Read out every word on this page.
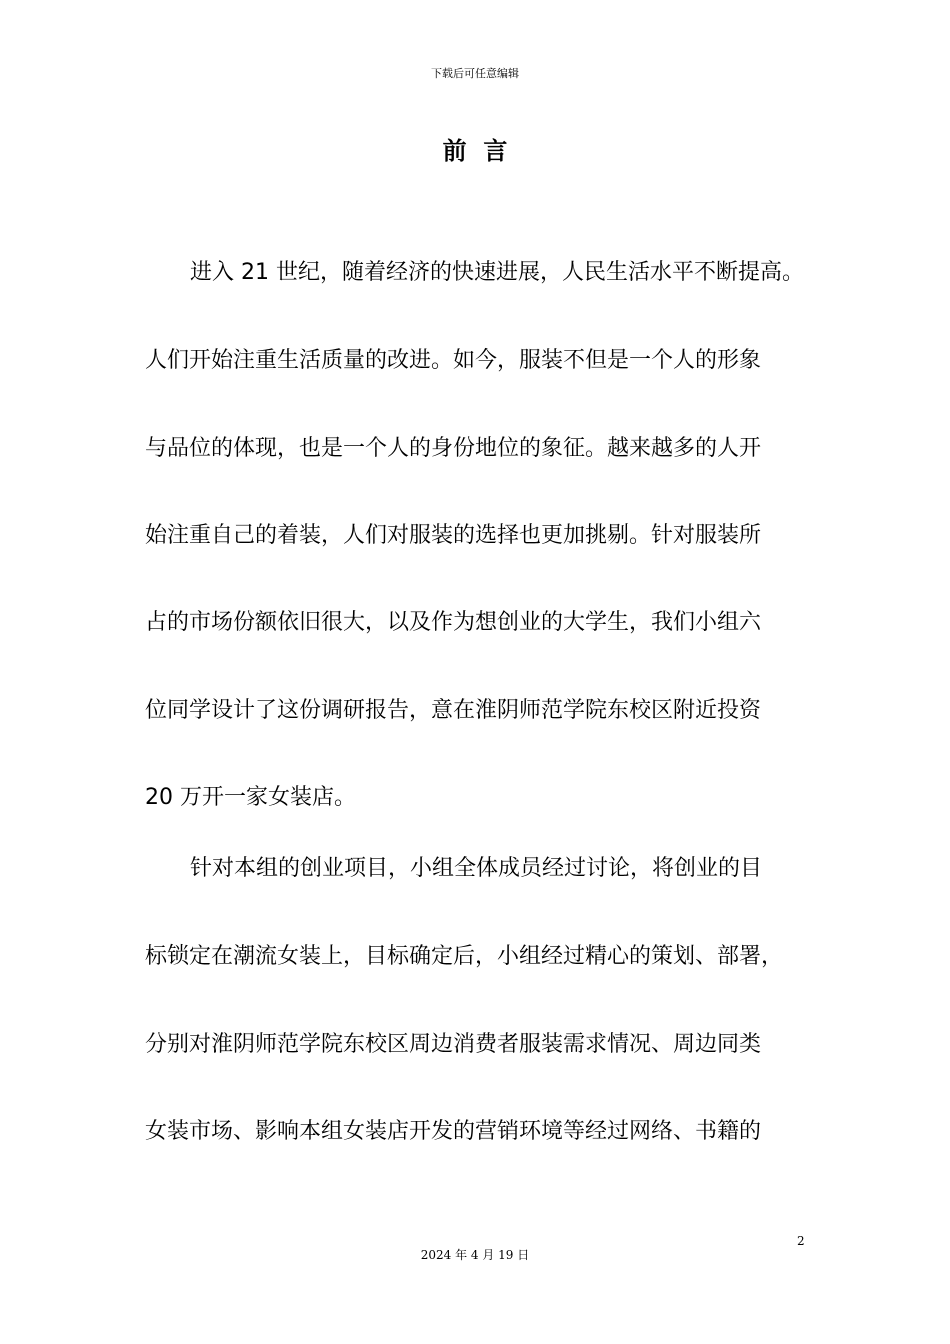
下载后可任意编辑
前  言
进入 21 世纪，随着经济的快速进展，人民生活水平不断提高。
人们开始注重生活质量的改进。如今，服装不但是一个人的形象
与品位的体现，也是一个人的身份地位的象征。越来越多的人开
始注重自己的着装，人们对服装的选择也更加挑剔。针对服装所
占的市场份额依旧很大，以及作为想创业的大学生，我们小组六
位同学设计了这份调研报告，意在淮阴师范学院东校区附近投资
20 万开一家女装店。
针对本组的创业项目，小组全体成员经过讨论，将创业的目
标锁定在潮流女装上，目标确定后，小组经过精心的策划、部署，
分别对淮阴师范学院东校区周边消费者服装需求情况、周边同类
女装市场、影响本组女装店开发的营销环境等经过网络、书籍的
2
2024 年 4 月 19 日
